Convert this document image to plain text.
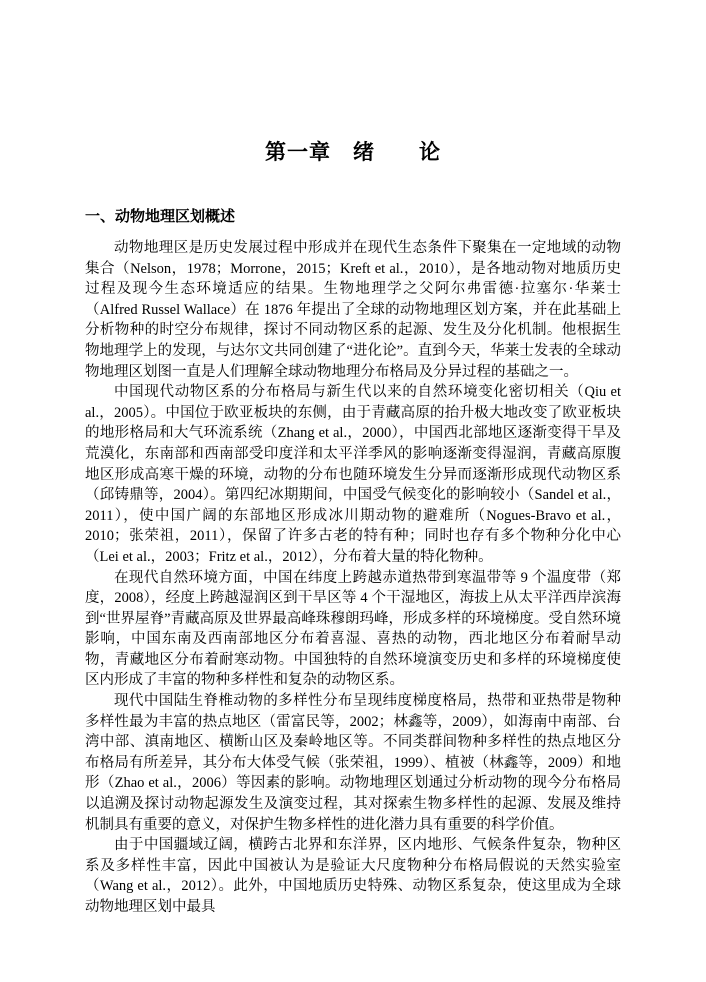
第一章　绪　　论
一、动物地理区划概述

动物地理区是历史发展过程中形成并在现代生态条件下聚集在一定地域的动物集合（Nelson，1978；Morrone，2015；Kreft et al.，2010），是各地动物对地质历史过程及现今生态环境适应的结果。生物地理学之父阿尔弗雷德·拉塞尔·华莱士（Alfred Russel Wallace）在 1876 年提出了全球的动物地理区划方案，并在此基础上分析物种的时空分布规律，探讨不同动物区系的起源、发生及分化机制。他根据生物地理学上的发现，与达尔文共同创建了“进化论”。直到今天，华莱士发表的全球动物地理区划图一直是人们理解全球动物地理分布格局及分异过程的基础之一。

中国现代动物区系的分布格局与新生代以来的自然环境变化密切相关（Qiu et al.，2005）。中国位于欧亚板块的东侧，由于青藏高原的抬升极大地改变了欧亚板块的地形格局和大气环流系统（Zhang et al.，2000），中国西北部地区逐渐变得干旱及荒漠化，东南部和西南部受印度洋和太平洋季风的影响逐渐变得湿润，青藏高原腹地区形成高寒干燥的环境，动物的分布也随环境发生分异而逐渐形成现代动物区系（邱铸鼎等，2004）。第四纪冰期期间，中国受气候变化的影响较小（Sandel et al.，2011），使中国广阔的东部地区形成冰川期动物的避难所（Nogues-Bravo et al.，2010；张荣祖，2011），保留了许多古老的特有种；同时也存有多个物种分化中心（Lei et al.，2003；Fritz et al.，2012），分布着大量的特化物种。

在现代自然环境方面，中国在纬度上跨越赤道热带到寒温带等 9 个温度带（郑度，2008），经度上跨越湿润区到干旱区等 4 个干湿地区，海拔上从太平洋西岸滨海到“世界屋脊”青藏高原及世界最高峰珠穆朗玛峰，形成多样的环境梯度。受自然环境影响，中国东南及西南部地区分布着喜湿、喜热的动物，西北地区分布着耐旱动物，青藏地区分布着耐寒动物。中国独特的自然环境演变历史和多样的环境梯度使区内形成了丰富的物种多样性和复杂的动物区系。

现代中国陆生脊椎动物的多样性分布呈现纬度梯度格局，热带和亚热带是物种多样性最为丰富的热点地区（雷富民等，2002；林鑫等，2009），如海南中南部、台湾中部、滇南地区、横断山区及秦岭地区等。不同类群间物种多样性的热点地区分布格局有所差异，其分布大体受气候（张荣祖，1999）、植被（林鑫等，2009）和地形（Zhao et al.，2006）等因素的影响。动物地理区划通过分析动物的现今分布格局以追溯及探讨动物起源发生及演变过程，其对探索生物多样性的起源、发展及维持机制具有重要的意义，对保护生物多样性的进化潜力具有重要的科学价值。

由于中国疆域辽阔，横跨古北界和东洋界，区内地形、气候条件复杂，物种区系及多样性丰富，因此中国被认为是验证大尺度物种分布格局假说的天然实验室（Wang et al.，2012）。此外，中国地质历史特殊、动物区系复杂，使这里成为全球动物地理区划中最具
